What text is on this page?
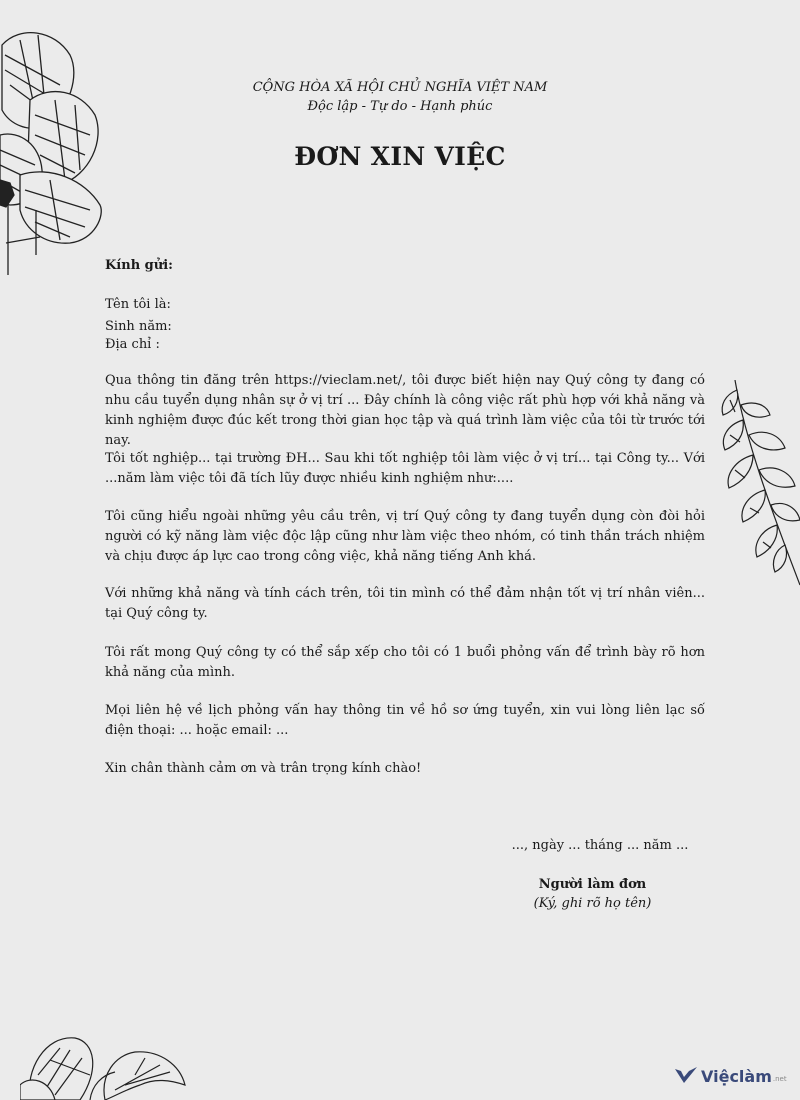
CỘNG HÒA XÃ HỘI CHỦ NGHĨA VIỆT NAM
Độc lập - Tự do - Hạnh phúc
ĐƠN XIN VIỆC
Kính gửi:
Tên tôi là:
Sinh năm:
Địa chỉ :
Qua thông tin đăng trên https://vieclam.net/, tôi được biết hiện nay Quý công ty đang có nhu cầu tuyển dụng nhân sự ở vị trí ... Đây chính là công việc rất phù hợp với khả năng và kinh nghiệm được đúc kết trong thời gian học tập và quá trình làm việc của tôi từ trước tới nay.
Tôi tốt nghiệp... tại trường ĐH... Sau khi tốt nghiệp tôi làm việc ở vị trí... tại Công ty... Với ...năm làm việc tôi đã tích lũy được nhiều kinh nghiệm như:....
Tôi cũng hiểu ngoài những yêu cầu trên, vị trí Quý công ty đang tuyển dụng còn đòi hỏi người có kỹ năng làm việc độc lập cũng như làm việc theo nhóm, có tinh thần trách nhiệm và chịu được áp lực cao trong công việc, khả năng tiếng Anh khá.
Với những khả năng và tính cách trên, tôi tin mình có thể đảm nhận tốt vị trí nhân viên... tại Quý công ty.
Tôi rất mong Quý công ty có thể sắp xếp cho tôi có 1 buổi phỏng vấn để trình bày rõ hơn khả năng của mình.
Mọi liên hệ về lịch phỏng vấn hay thông tin về hồ sơ ứng tuyển, xin vui lòng liên lạc số điện thoại: ... hoặc email: ...
Xin chân thành cảm ơn và trân trọng kính chào!
..., ngày ... tháng ... năm ...
Người làm đơn
(Ký, ghi rõ họ tên)
Việclàm .net
